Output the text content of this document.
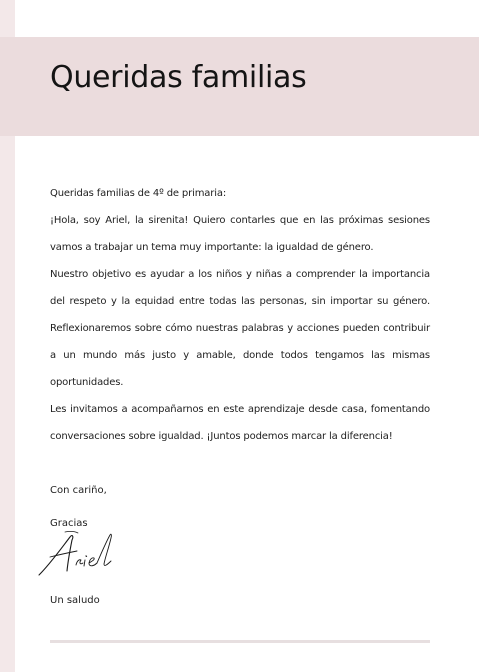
Queridas familias

Queridas familias de 4º de primaria:

¡Hola, soy Ariel, la sirenita! Quiero contarles que en las próximas sesiones vamos a trabajar un tema muy importante: la igualdad de género.

Nuestro objetivo es ayudar a los niños y niñas a comprender la importancia del respeto y la equidad entre todas las personas, sin importar su género. Reflexionaremos sobre cómo nuestras palabras y acciones pueden contribuir a un mundo más justo y amable, donde todos tengamos las mismas oportunidades.

Les invitamos a acompañarnos en este aprendizaje desde casa, fomentando conversaciones sobre igualdad. ¡Juntos podemos marcar la diferencia!

Con cariño,

Gracias

Un saludo
